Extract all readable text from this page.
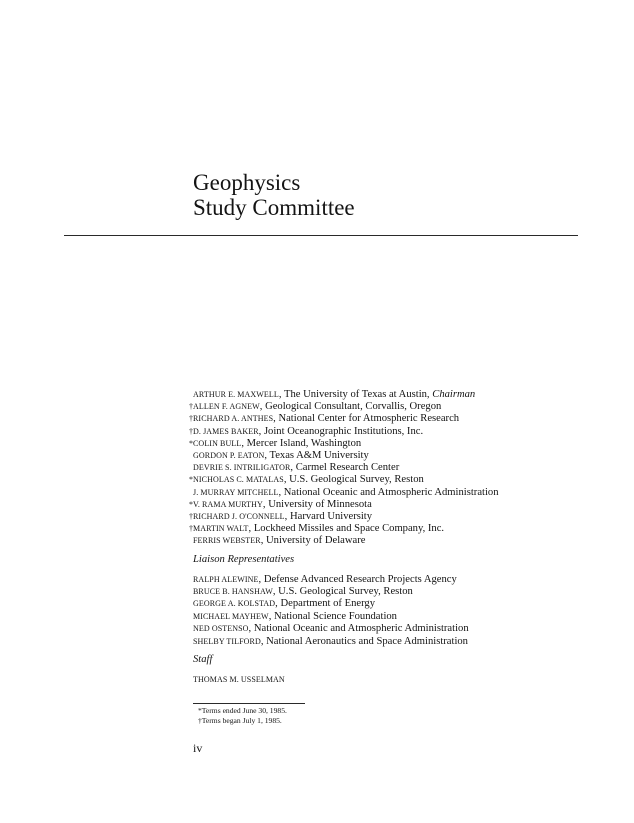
Geophysics
Study Committee
ARTHUR E. MAXWELL, The University of Texas at Austin, Chairman
†ALLEN F. AGNEW, Geological Consultant, Corvallis, Oregon
†RICHARD A. ANTHES, National Center for Atmospheric Research
†D. JAMES BAKER, Joint Oceanographic Institutions, Inc.
*COLIN BULL, Mercer Island, Washington
GORDON P. EATON, Texas A&M University
DEVRIE S. INTRILIGATOR, Carmel Research Center
*NICHOLAS C. MATALAS, U.S. Geological Survey, Reston
J. MURRAY MITCHELL, National Oceanic and Atmospheric Administration
*V. RAMA MURTHY, University of Minnesota
†RICHARD J. O'CONNELL, Harvard University
†MARTIN WALT, Lockheed Missiles and Space Company, Inc.
FERRIS WEBSTER, University of Delaware
Liaison Representatives
RALPH ALEWINE, Defense Advanced Research Projects Agency
BRUCE B. HANSHAW, U.S. Geological Survey, Reston
GEORGE A. KOLSTAD, Department of Energy
MICHAEL MAYHEW, National Science Foundation
NED OSTENSO, National Oceanic and Atmospheric Administration
SHELBY TILFORD, National Aeronautics and Space Administration
Staff
THOMAS M. USSELMAN
*Terms ended June 30, 1985.
†Terms began July 1, 1985.
iv
